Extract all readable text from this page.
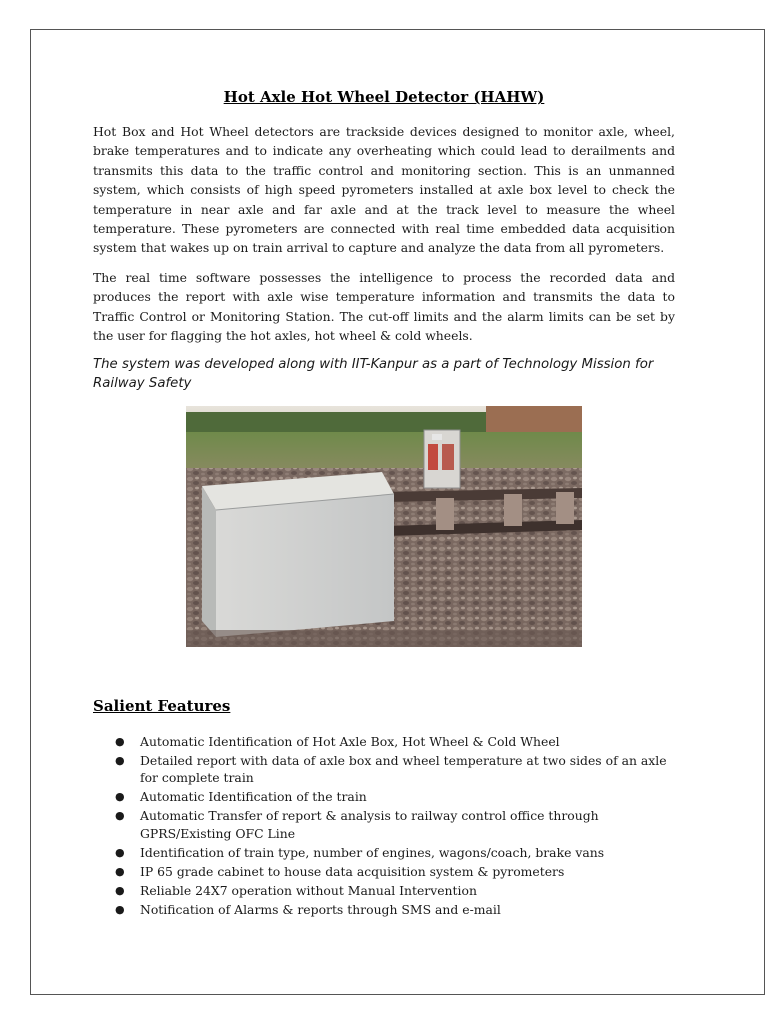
Hot Axle Hot Wheel Detector (HAHW)

Hot Box and Hot Wheel detectors are trackside devices designed to monitor axle, wheel, brake temperatures and to indicate any overheating which could lead to derailments and transmits this data to the traffic control and monitoring section. This is an unmanned system, which consists of high speed pyrometers installed at axle box level to check the temperature in near axle and far axle and at the track level to measure the wheel temperature. These pyrometers are connected with real time embedded data acquisition system that wakes up on train arrival to capture and analyze the data from all pyrometers.

The real time software possesses the intelligence to process the recorded data and produces the report with axle wise temperature information and transmits the data to Traffic Control or Monitoring Station. The cut-off limits and the alarm limits can be set by the user for flagging the hot axles, hot wheel & cold wheels.

The system was developed along with IIT-Kanpur as a part of Technology Mission for Railway Safety

Salient Features
● Automatic Identification of Hot Axle Box, Hot Wheel & Cold Wheel
● Detailed report with data of axle box and wheel temperature at two sides of an axle for complete train
● Automatic Identification of the train
● Automatic Transfer of report & analysis to railway control office through GPRS/Existing OFC Line
● Identification of train type, number of engines, wagons/coach, brake vans
● IP 65 grade cabinet to house data acquisition system & pyrometers
● Reliable 24X7 operation without Manual Intervention
● Notification of Alarms & reports through SMS and e-mail
